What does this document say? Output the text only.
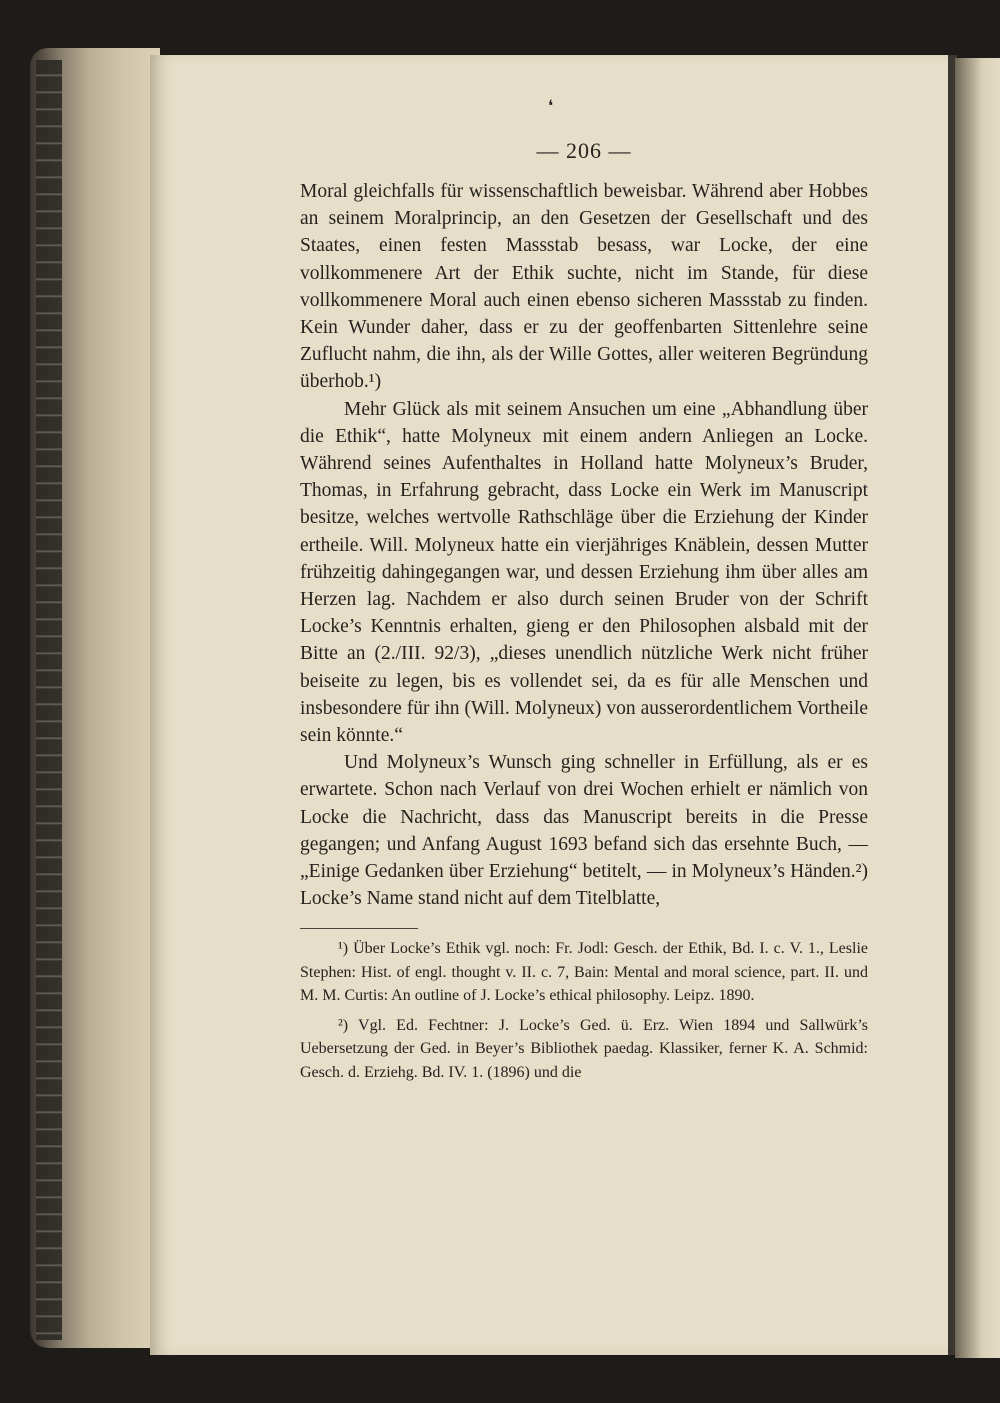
❛
— 206 —

Moral gleichfalls für wissenschaftlich beweisbar. Während aber Hobbes an seinem Moralprincip, an den Gesetzen der Gesellschaft und des Staates, einen festen Massstab besass, war Locke, der eine vollkommenere Art der Ethik suchte, nicht im Stande, für diese vollkommenere Moral auch einen ebenso sicheren Massstab zu finden. Kein Wunder daher, dass er zu der geoffenbarten Sittenlehre seine Zuflucht nahm, die ihn, als der Wille Gottes, aller weiteren Begründung überhob.¹)

Mehr Glück als mit seinem Ansuchen um eine „Abhandlung über die Ethik“, hatte Molyneux mit einem andern Anliegen an Locke. Während seines Aufenthaltes in Holland hatte Molyneux’s Bruder, Thomas, in Erfahrung gebracht, dass Locke ein Werk im Manuscript besitze, welches wertvolle Rathschläge über die Erziehung der Kinder ertheile. Will. Molyneux hatte ein vierjähriges Knäblein, dessen Mutter frühzeitig dahingegangen war, und dessen Erziehung ihm über alles am Herzen lag. Nachdem er also durch seinen Bruder von der Schrift Locke’s Kenntnis erhalten, gieng er den Philosophen alsbald mit der Bitte an (2./III. 92/3), „dieses unendlich nützliche Werk nicht früher beiseite zu legen, bis es vollendet sei, da es für alle Menschen und insbesondere für ihn (Will. Molyneux) von ausserordentlichem Vortheile sein könnte.“

Und Molyneux’s Wunsch ging schneller in Erfüllung, als er es erwartete. Schon nach Verlauf von drei Wochen erhielt er nämlich von Locke die Nachricht, dass das Manuscript bereits in die Presse gegangen; und Anfang August 1693 befand sich das ersehnte Buch, — „Einige Gedanken über Erziehung“ betitelt, — in Molyneux’s Händen.²) Locke’s Name stand nicht auf dem Titelblatte,

¹) Über Locke’s Ethik vgl. noch: Fr. Jodl: Gesch. der Ethik, Bd. I. c. V. 1., Leslie Stephen: Hist. of engl. thought v. II. c. 7, Bain: Mental and moral science, part. II. und M. M. Curtis: An outline of J. Locke’s ethical philosophy. Leipz. 1890.

²) Vgl. Ed. Fechtner: J. Locke’s Ged. ü. Erz. Wien 1894 und Sallwürk’s Uebersetzung der Ged. in Beyer’s Bibliothek paedag. Klassiker, ferner K. A. Schmid: Gesch. d. Erziehg. Bd. IV. 1. (1896) und die
